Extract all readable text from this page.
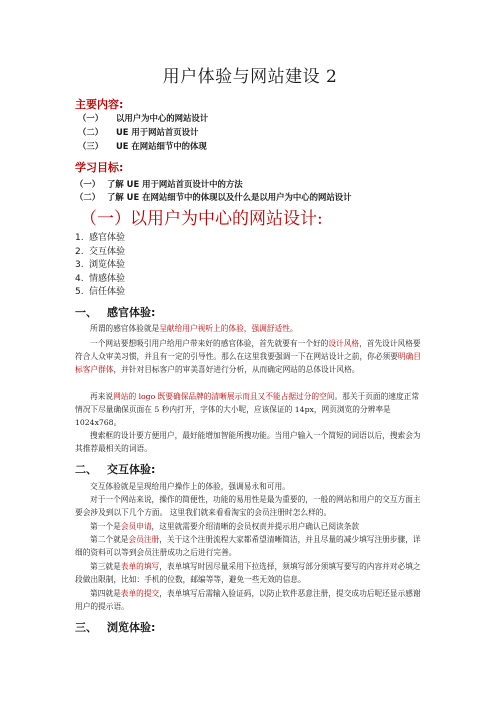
用户体验与网站建设 2
主要内容:
（一） 以用户为中心的网站设计
（二） UE 用于网站首页设计
（三） UE 在网站细节中的体现
学习目标:
（一） 了解 UE 用于网站首页设计中的方法
（二） 了解 UE 在网站细节中的体现以及什么是以用户为中心的网站设计
（一）以用户为中心的网站设计:
1. 感官体验
2. 交互体验
3. 浏览体验
4. 情感体验
5. 信任体验
一、 感官体验:
所谓的感官体验就是呈献给用户视听上的体验，强调舒适性。
一个网站要想吸引用户给用户带来好的感官体验，首先就要有一个好的设计风格，首先设计风格要符合人众审美习惯，并且有一定的引导性。那么在这里我要强调一下在网站设计之前，你必须要明确目标客户群体，并针对目标客户的审美喜好进行分析，从而确定网站的总体设计风格。
再来说网站的 logo 既要确保品牌的清晰展示而且又不能占据过分的空间。那关于页面的速度正常情况下尽量确保页面在 5 秒内打开，字体的大小呢，应该保证的 14px，网页浏览的分辨率是 1024x768。
搜索框的设计要方便用户，最好能增加智能所搜功能。当用户输入一个简短的词语以后，搜索会为其推荐最相关的词语。
二、 交互体验:
交互体验就是呈现给用户操作上的体验，强调易永和可用。
对于一个网站来说，操作的简便性，功能的易用性是最为重要的，一般的网站和用户的交互方面主要会涉及到以下几个方面。 这里我们就来看看淘宝的会员注册时怎么样的。
第一个是会员申请，这里就需要介绍清晰的会员权责并提示用户确认已阅读条款
第二个就是会员注册，关于这个注册流程大家都希望清晰简洁，并且尽量的减少填写注册步骤，详细的资料可以等到会员注册成功之后进行完善。
第三就是表单的填写，表单填写时因尽量采用下拉选择，须填写部分须填写要写的内容并对必填之段做出限制，比如：手机的位数，邮编等等，避免一些无效的信息。
第四就是表单的提交，表单填写后需输入验证码，以防止软件恶意注册，提交成功后呢还显示感谢用户的提示语。
三、 浏览体验:
